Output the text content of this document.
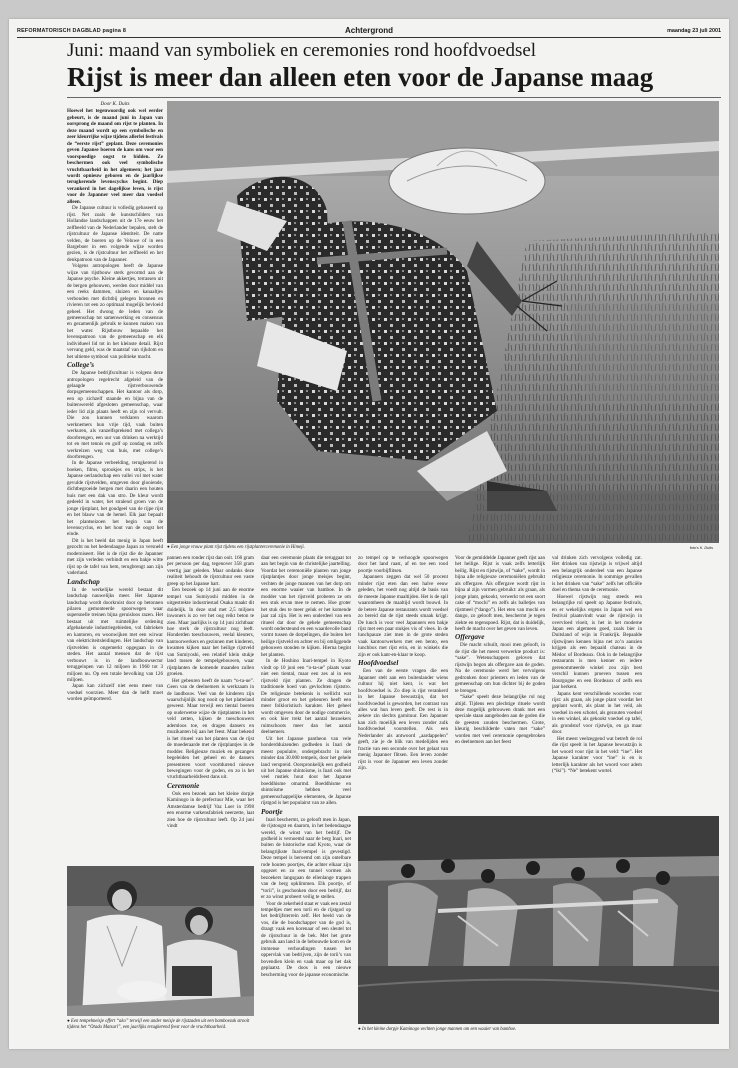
REFORMATORISCH DAGBLAD pagina 8	Achtergrond	maandag 23 juli 2001
Juni: maand van symboliek en ceremonies rond hoofdvoedsel
Rijst is meer dan alleen eten voor de Japanse maag

Door K. Duits

Hoewel het tegenwoordig ook wel eerder gebeurt, is de maand juni in Japan van oorsprong de maand om rijst te planten. In deze maand wordt op een symbolische en zeer kleurrijke wijze tijdens allerlei festivals de “eerste rijst” geplant. Deze ceremonies geven Japanse boeren de kans om voor een voorspoedige oogst te bidden. Ze beschermen ook veel symbolische vruchtbaarheid in het algemeen; het jaar wordt opnieuw geboren en de jaarlijkse terugkerende levenscyclus begint. Diep verankerd in het dagelijkse leven, is rijst voor de Japanner veel meer dan voedsel alleen.

De Japanse cultuur is volledig gebaseerd op rijst. Net zoals de kunstschilders van Hollandse landschappen uit de 17e eeuw het zelfbeeld van de Nederlander bepalen, stelt de rijstcultuur de Japanse identiteit. De natte velden, de boeren op de Veluwe of in een Bargeboer in een volgende wijze worden gezien, is de rijstcultuur het zelfbeeld en het denkpatroon van de Japanner.

Volgens antropologen heeft de Japanse wijze van rijstbouw sterk gevormd aan de Japanse psyche. Kleine akkertjes, terrassen uit de bergen gehouwen, werden door middel van een reeks dammen, sluizen en kanaaltjes verbonden met dichtbij gelegen bronnen en rivieren tot een zo optimaal mogelijk bevloeid geheel. Het dwong de leden van de gemeenschap tot samenwerking en consensus en gezamenlijk gebruik te kunnen maken van het water. Rijstbouw bepaalde het levenspatroon van de gemeenschap en elk individueel lid tot in het kleinste detail. Rijst vervang geld, was de maatstaf van rijkdom en het ultieme symbool van politieke macht.

College’s

De Japanse bedrijfscultuur is volgens deze antropologen regelrecht afgeleid van de gelaagde rijstverbouwende dorpsgemeenschappen. Het kantoor als dorp, een op zichzelf staande en bijna van de buitenwereld afgesloten gemeenschap, waar ieder lid zijn plaats heeft en zijn rol vervult. Die zou kunnen verklaren waarom werknemers hun vrije tijd, vaak buiten werkuren, als vanzelfsprekend met collega’s doorbrengen, een uur van drinken na werktijd tot en met tennis en golf op zondag en zelfs werkreizen weg van huis, met college’s doorbrengen.

In de Japanse verbeelding, terugkerend in boeken, films, sprookjes en strips, is het Japanse oerlandschap een vallei vol met water gevulde rijstvelden, omgeven door glooiende, dichtbegroeide bergen met daarin een houten huis met een dak van stro. De kleur wordt gedeeld in water, het stralend groen van de jonge rijstplant, het goudgeel van de rijpe rijst en het blauw van de hemel. Elk jaar bepaalt het plantseizoen het begin van de levenscyclus, en het hout van de oogst het einde.

Dit is het beeld dat menig in Japan heeft gezocht nu het hedendaagse Japan zo versneld moderniseert. Het is de rijst die de Japanner met zijn verleden verbindt en een bakje witte rijst op de tafel van hem, terugbrengt aan zijn vaderland.

Landschap

In de werkelijke wereld bestaat dit landschap nauwelijks meer. Het Japanse landschap wordt doorkruist door op betonnen pilaren gemonteerde spoorwegen waar supersnelle treinen bijna geruisloos razen. Het bestaat uit met ruimtelijke ordening afgebakende industriegebieden, vol fabrieken en kantoren, en woonwijken met een wirwar van elektriciteitsleidingen. Het landschap van rijstvelden is ongemerkt opgegaan in de steden. Het aantal mensen dat de rijst verbouwt is in de landbouwsector teruggelopen van 12 miljoen in 1960 tot 3 miljoen nu. Op een totale bevolking van 126 miljoen.

Japan kan zichzelf niet eens meer van voedsel voorzien. Meer dan de helft moet worden geïmporteerd.

● Een jonge vrouw plant rijst tijdens een rijstplanterceremonie in Himeji.	foto's K. Duits

pannen een ronder rijst dan ooit. 166 gram per persoon per dag, tegenover 358 gram veertig jaar geleden. Maar ondanks deze realiteit behoudt de rijstcultuur een vaste greep op het Japanse hart.

Een bezoek op 14 juni aan de enorme tempel van Sumiyoshi midden in de uitgestrekte industriestad Osaka maakt dit duidelijk. In deze stad met 2,5 miljoen inwoners is zo ver het oog reikt beton te zien. Maar jaarlijks is op 14 juni zichtbaar hoe sterk de rijstcultuur nog leeft. Honderden toeschouwers, veelal kleuters, kantoorwerkers en gezinnen met kinderen, kwamen kijken naar het heilige rijstveld van Sumiyoshi, een relatief klein stukje land tussen de tempelgebouwen, waar rijstplanten de komende maanden zullen groeien.

Het gebeuren heeft de naam “o-ta-ue”. Geen van de deelnemers is werkzaam in de landbouw. Veel van de kinderen zijn waarschijnlijk nog nooit op het platteland geweest. Maar terwijl een tiental boeren op ouderwetse wijze de rijstplanten in het veld zetten, kijken de toeschouwers ademloos toe, en dragen dansers en muzikanten bij aan het feest. Maar bekend is het ritueel van het planten van de rijst de moederaarde met de rijstplantjes in de modder. Religieuze muziek en gezangen begeleiden het geheel en de dansers presenteren voort voortdurend nieuwe bewegingen voor de goden, en zo is het vruchtbaarheidsfeest dans uit.

Ceremonie

Ook een bezoek aan het kleine dorpje Kaminogo in de prefectuur Mie, waar het Amsterdamse bedrijf Vaz Loer in 1998 een enorme varkensfabriek neerzette, laat zien hoe de rijstcultuur leeft. Op 24 juni vindt

daar een ceremonie plaats die teruggaat tot aan het begin van de christelijke jaartelling. Voordat het ceremoniële planten van jonge rijstplantjes door jonge meisjes begint, vechten de jonge mannen van het dorp om een enorme waaier van bamboe. In de modder van het rijstveld proberen ze om een stuk ervan mee te nemen. Hoe groter het stuk des te meer geluk er het komende jaar zal zijn. Het is een onderdeel van een ritueel dat door de gehele gemeenschap wordt ondersteund en een waardevolle band vormt tussen de dorpelingen, die buiten het heilige rijstveld en achter en bij omliggende gebouwen stonden te kijken. Hierna begint het planten.

In de Hoshino Inari-tempel in Kyoto vindt op 10 juni een “o-ta-ue” plaats waar niet een tiental, maar een zes al in een rijstveld rijst planten. Ze dragen de traditionele hoed van gevlochten rijststro. De religieuze betekenis is wellicht wat minder groot en het gebeuren heeft een meer folkloristisch karakter. Het geheel wordt omgeven door de nodige commercie, en ook hier trekt het aantal bezoekers ruimschoots meer dan het aantal deelnemers.

Uit het Japanse pantheon van vele honderdduizenden godheden is Inari de meest populaire, ondergebracht in niet minder dan 30.000 tempels, door het gehele land verspreid. Oorspronkelijk een godheid uit het Japanse shintoïsme, is Inari ook met veel rustiek hout door het Japanse boeddhisme omarmd. Boeddhisme en shintoïsme hebben veel gemeenschappelijke elementen, de Japanse rijstgod is het populairst van ze allen.

Poortje

Inari beschermt, zo gelooft men in Japan, de rijstoogst en daarom, in het bedendaagse wereld, de winst van het bedrijf. De godheid is vernoemd naar de berg Inari, net buiten de historische stad Kyoto, waar de belangrijkste Inari-tempel is gevestigd. Deze tempel is beroemd om zijn ontelbare rode houten poortjes, die achter elkaar zijn opgezet en zo een tunnel vormen als bezoekers langsgaan de ellenlange trappen van de berg opklimmen. Elk poortje, of “torii”, is geschonken door een bedrijf, dat er zo winst probeert veilig te stellen.

Voor de zekerheid staat er vaak een zestal tempeltjes met een torii en de rijstgod op het bedrijfsterrein zelf. Het beeld van de vos, die de boodschapper van de god is, draagt vaak een korenaar of een sleutel tot de rijstschuur in de bek. Met het grote gebruik aan land in de bebouwde kom en de immense verhoudingen tussen het oppervlak van bedrijven, zijn de torii’s van bovendien klein en vaak maar op het dak geplaatst. De doos is een nieuwe bescherming voor de japanse economische.

zo tempel op te verhoogde spoorwegen door het land raast, af en toe een rood poortje voorbijflitsen.

Japanners zeggen dat wel 50 procent minder rijst eten dan een halve eeuw geleden, het voedt nog altijd de basis van de meeste Japanse maaltijden. Het is de spil waaromheen de maaltijd wordt bouwd. In de betere Japanse restaurants wordt voedsel zo bereid dat de rijst steeds smaak krijgt. De lunch is voor veel Japanners een bakje rijst met een paar stukjes vis of vlees. In de lunchpauze ziet men in de grote steden vaak kantoorwerkers met een bento, een lunchbox met rijst erin, en in winkels die zijn er ook kant-en-klaar te koop.

Hoofdvoedsel

Een van de eerste vragen die een Japanner stelt aan een buitenlander wiens cultuur hij niet kent, is wat het hoofdvoedsel is. Zo diep is rijst verankerd in het Japanse bewustzijn, dat het hoofdvoedsel is geworden, het contrast van alles wat hun leven geeft. De rest is in zekere zin slechts garnituur. Een Japanner kan zich moeilijk een leven zonder zulk hoofdvoedsel voorstellen. Als een Nederlander als antwoord „aardappelen” geeft, zie je de blik van medelijden een fractie van een seconde over het gelaat van menig Japanner flitsen. Een leven zonder rijst is voor de Japanner een leven zonder zijn.

Voor de gemiddelde Japanner geeft rijst aan het heilige. Rijst is vaak zelfs letterlijk heilig. Rijst en rijstwijn, of “sake”, wordt in bijna alle religieuze ceremoniëlen gebruikt als offergave. Als offergave wordt rijst in bijna al zijn vormen gebruikt: als graan, als jonge plant, gekookt, verwerkt tot een soort cake of “mochi” en zelfs als balletjes van rijstmeel (“dango”). Het eten van mochi en dango, zo gelooft men, beschermt je tegen ziekte en tegenspoed. Rijst, dat is duidelijk, heeft de macht over het geven van leven.

Offergave

Die macht schuilt, mooi men gelooft, in de rijst die het meest verwerkte product is: “sake”. Wetenschappers geloven dat rijstwijn begon als offergave aan de goden. Na de ceremonie werd het vervolgens gedronken door priesters en leden van de gemeenschap om hun dichter bij de goden te brengen.

“Sake” speelt deze belangrijke rol nog altijd. Tijdens een plechtige rituele wordt deze mogelijk gebrouwen drank met een speciale staan aangeboden aan de goden die de geesten zouden beschermen. Grote, kleurig beschilderde vaten met “sake” worden met veel ceremonie opengebroken en deelnemers aan het feest

val drinken zich vervolgens volledig zat. Het drinken van rijstwijn is vrijwel altijd een belangrijk onderdeel van een Japanse religieuze ceremonie. In sommige gevallen is het drinken van “sake” zelfs het officiële doel en thema van de ceremonie.

Hoewel rijstwijn nog steeds een belangrijke rol speelt op Japanse festivals, en er wekelijks ergens in Japan wel een festival plaatsvindt waar de rijstwijn in overvloed vloeit, is het in het moderne Japan een algemeen goed, zoals bier in Duitsland of wijn in Frankrijk. Bepaalde rijstwijnen kennen bijna net zo’n aanzien krijgen als een bepaald chateau in de Médoc of Bordeaux. Ook in de belangrijke restaurants is men kenner en iedere gerenommeerde winkel zou zijn best verschil kunnen proeven tussen een Bourgogne en een Bordeaux of zelfs een jaar herkent.

Japans kent verschillende woorden voor rijst: als graan, als jonge plant voordat het geplant wordt, als plant in het veld, als voedsel in een schotel, als gezouten voedsel in een winkel, als gekookt voedsel op tafel, als grondstof voor rijstwijn, en ga maar door.

Het meest veelzeggend wat betreft de rol die rijst speelt in het Japanse bewustzijn is het woord voor rijst in het veld: “ine”. Het Japanse karakter voor “ine” is en is letterlijk karakter als het woord voor adem (“iki”). “Ne” betekent wortel.

● Een tempelmeisje offert “ako” terwijl een ander meisje de rijstzaden uit een bamboezak strooit tijdens het “Otada Matsuri”, een jaarlijks terugkerend feest voor de vruchtbaarheid.	● In het kleine dorpje Kaminogo vechten jonge mannen om een waaier van bamboe.
